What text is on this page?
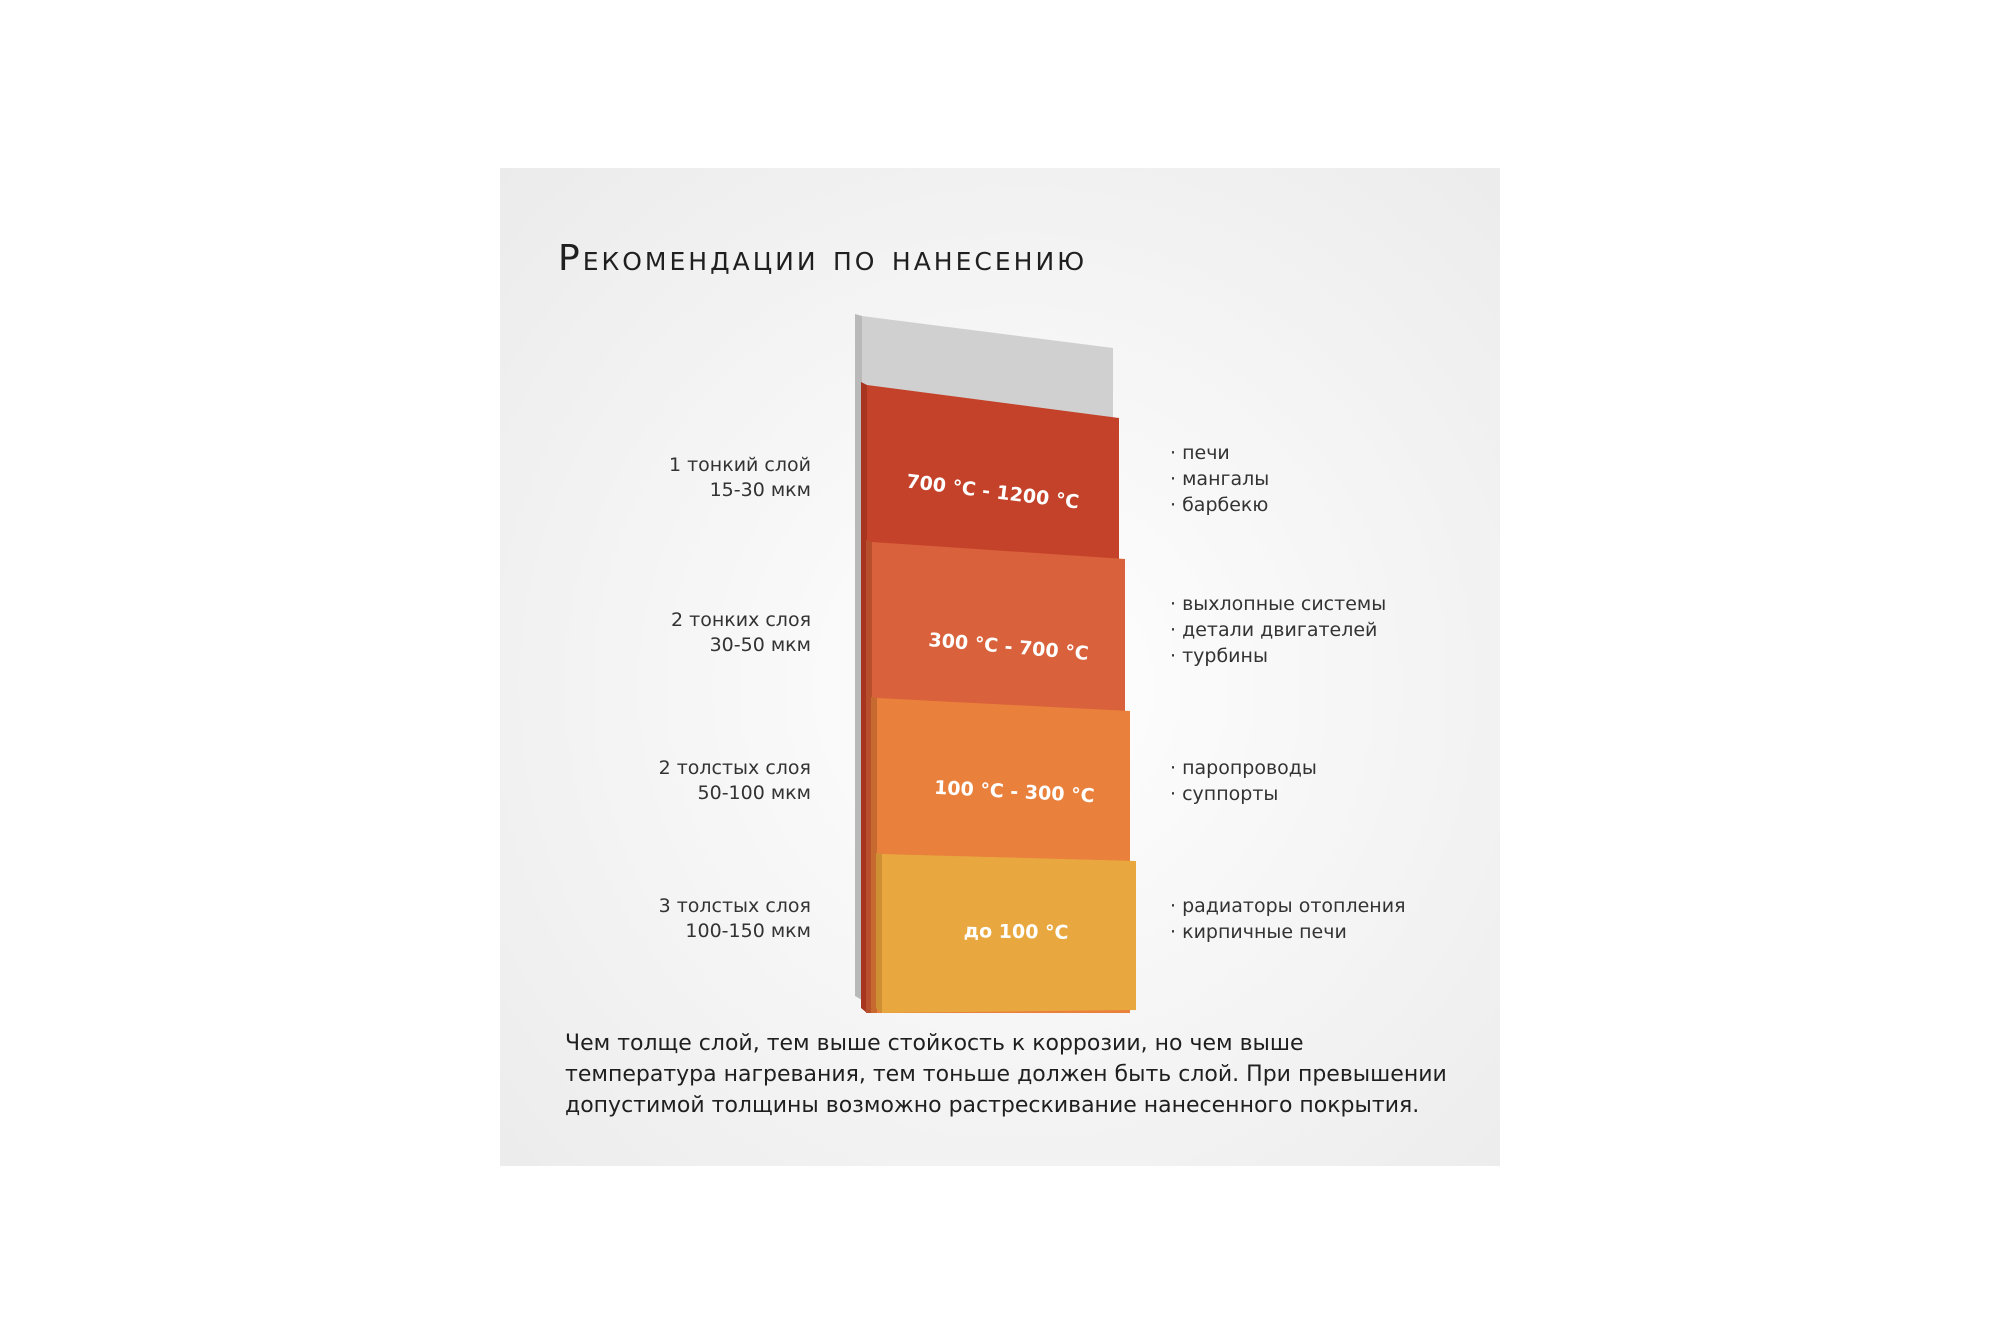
Рекомендации по нанесению
700 °C - 1200 °C
300 °C - 700 °C
100 °C - 300 °C
до 100 °C
1 тонкий слой
15-30 мкм
2 тонких слоя
30-50 мкм
2 толстых слоя
50-100 мкм
3 толстых слоя
100-150 мкм
· печи
· мангалы
· барбекю
· выхлопные системы
· детали двигателей
· турбины
· паропроводы
· суппорты
· радиаторы отопления
· кирпичные печи
Чем толще слой, тем выше стойкость к коррозии, но чем выше температура нагревания, тем тоньше должен быть слой. При превышении допустимой толщины возможно растрескивание нанесенного покрытия.
